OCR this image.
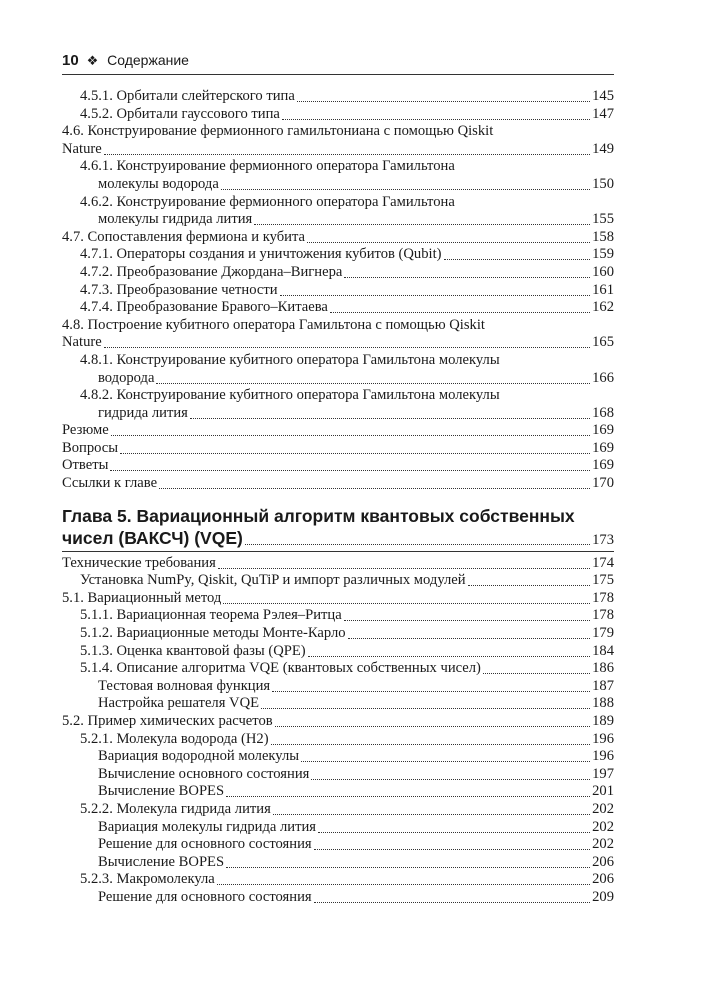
10 ❖ Содержание
4.5.1. Орбитали слейтерского типа	145
4.5.2. Орбитали гауссового типа	147
4.6. Конструирование фермионного гамильтониана с помощью Qiskit
Nature	149
4.6.1. Конструирование фермионного оператора Гамильтона
молекулы водорода	150
4.6.2. Конструирование фермионного оператора Гамильтона
молекулы гидрида лития	155
4.7. Сопоставления фермиона и кубита	158
4.7.1. Операторы создания и уничтожения кубитов (Qubit)	159
4.7.2. Преобразование Джордана–Вигнера	160
4.7.3. Преобразование четности	161
4.7.4. Преобразование Бравого–Китаева	162
4.8. Построение кубитного оператора Гамильтона с помощью Qiskit
Nature	165
4.8.1. Конструирование кубитного оператора Гамильтона молекулы
водорода	166
4.8.2. Конструирование кубитного оператора Гамильтона молекулы
гидрида лития	168
Резюме	169
Вопросы	169
Ответы	169
Ссылки к главе	170
Глава 5. Вариационный алгоритм квантовых собственных
чисел (ВАКСЧ) (VQE)	173
Технические требования	174
Установка NumPy, Qiskit, QuTiP и импорт различных модулей	175
5.1. Вариационный метод	178
5.1.1. Вариационная теорема Рэлея–Ритца	178
5.1.2. Вариационные методы Монте-Карло	179
5.1.3. Оценка квантовой фазы (QPE)	184
5.1.4. Описание алгоритма VQE (квантовых собственных чисел)	186
Тестовая волновая функция	187
Настройка решателя VQE	188
5.2. Пример химических расчетов	189
5.2.1. Молекула водорода (H2)	196
Вариация водородной молекулы	196
Вычисление основного состояния	197
Вычисление BOPES	201
5.2.2. Молекула гидрида лития	202
Вариация молекулы гидрида лития	202
Решение для основного состояния	202
Вычисление BOPES	206
5.2.3. Макромолекула	206
Решение для основного состояния	209
